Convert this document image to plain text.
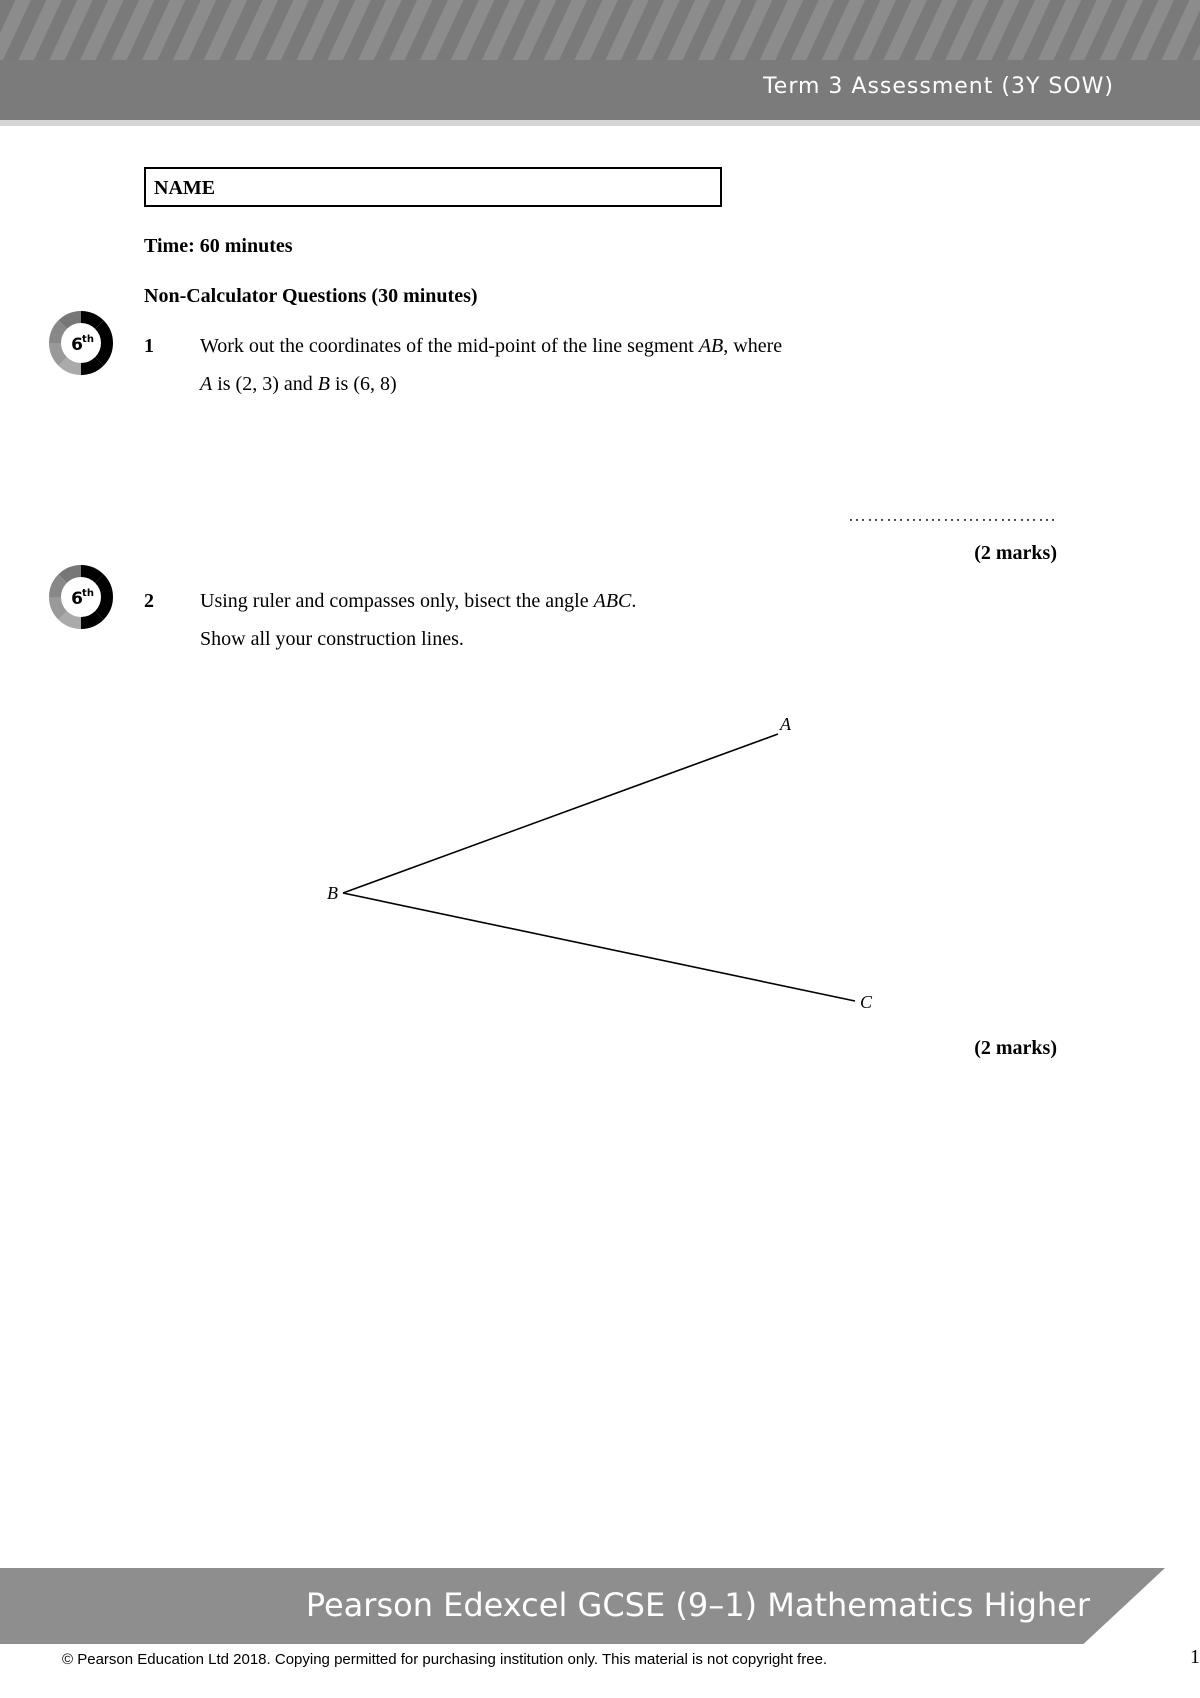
Term 3 Assessment (3Y SOW)
NAME
Time: 60 minutes
Non-Calculator Questions (30 minutes)
6 th	1 Work out the coordinates of the mid-point of the line segment AB, where
A is (2, 3) and B is (6, 8)
……………………………
(2 marks)
6 th	2 Using ruler and compasses only, bisect the angle ABC.
Show all your construction lines.
A
B
C
(2 marks)
Pearson Edexcel GCSE (9–1) Mathematics Higher
© Pearson Education Ltd 2018. Copying permitted for purchasing institution only. This material is not copyright free.	1
